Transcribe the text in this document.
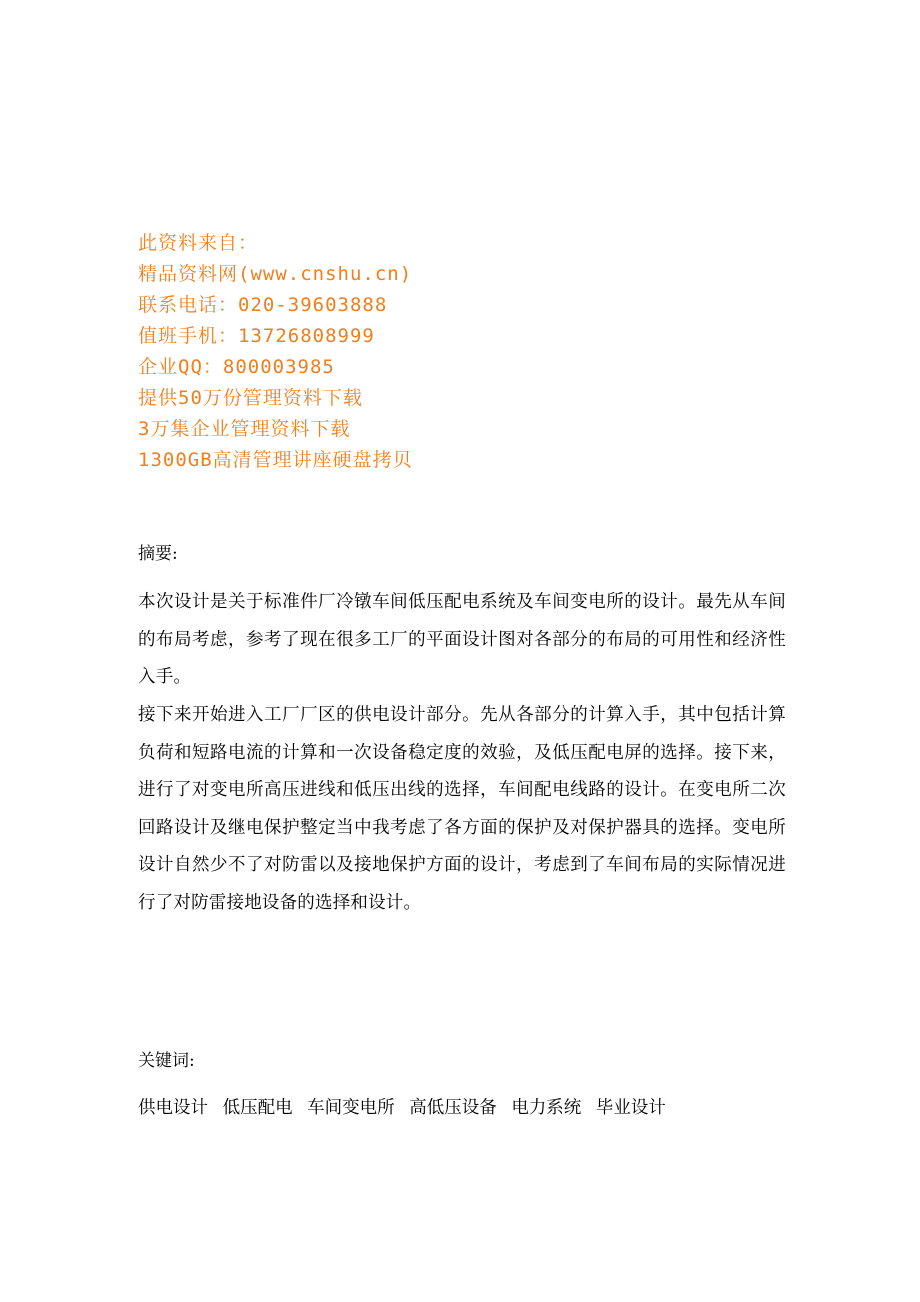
此资料来自：
精品资料网(www.cnshu.cn)
联系电话：020-39603888
值班手机：13726808999
企业QQ：800003985
提供50万份管理资料下载
3万集企业管理资料下载
1300GB高清管理讲座硬盘拷贝
摘要:
本次设计是关于标准件厂冷镦车间低压配电系统及车间变电所的设计。最先从车间的布局考虑，参考了现在很多工厂的平面设计图对各部分的布局的可用性和经济性入手。
接下来开始进入工厂厂区的供电设计部分。先从各部分的计算入手，其中包括计算负荷和短路电流的计算和一次设备稳定度的效验，及低压配电屏的选择。接下来，进行了对变电所高压进线和低压出线的选择，车间配电线路的设计。在变电所二次回路设计及继电保护整定当中我考虑了各方面的保护及对保护器具的选择。变电所设计自然少不了对防雷以及接地保护方面的设计，考虑到了车间布局的实际情况进行了对防雷接地设备的选择和设计。
关键词:
供电设计 低压配电 车间变电所 高低压设备 电力系统 毕业设计
